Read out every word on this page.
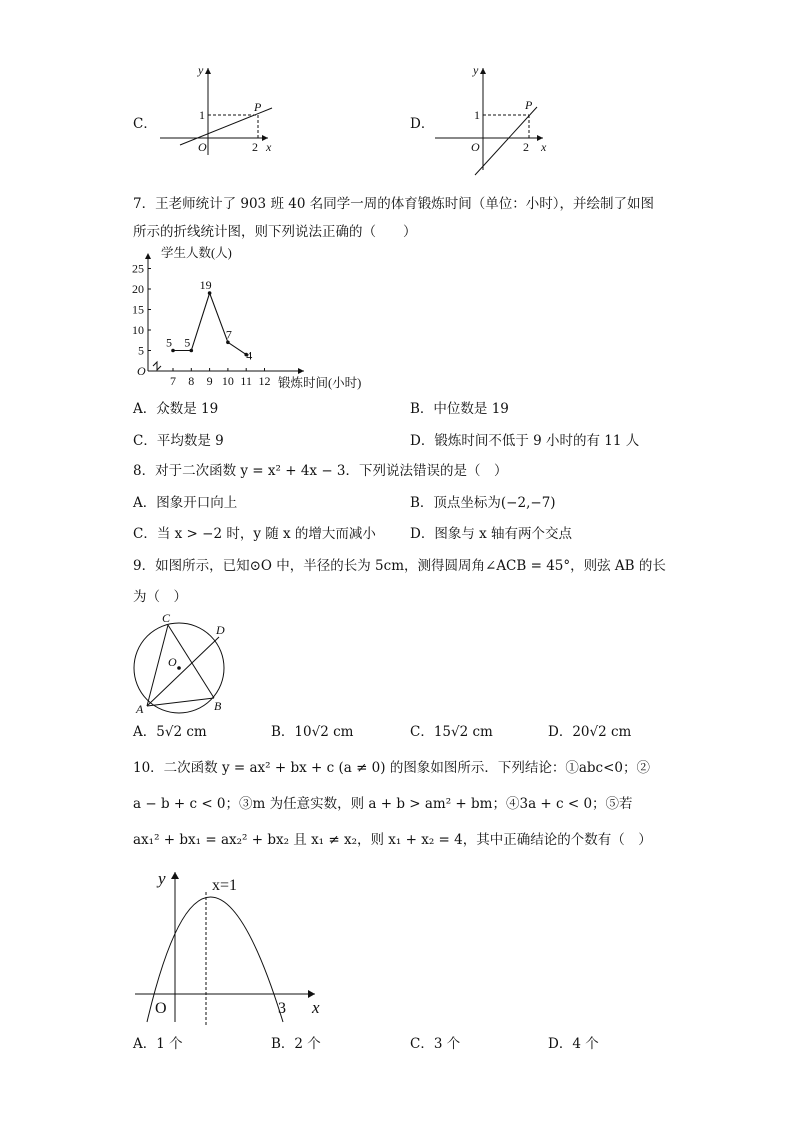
C．
y
x
O
1
2
P
D．
y
x
O
1
2
P
7．王老师统计了 903 班 40 名同学一周的体育锻炼时间（单位：小时），并绘制了如图
所示的折线统计图，则下列说法正确的（　　）
5
10
15
20
25
7 8 9 10 11 12
O
学生人数(人)
锻炼时间(小时)
5 5
19
7
4
A．众数是 19	B．中位数是 19
C．平均数是 9	D．锻炼时间不低于 9 小时的有 11 人
8．对于二次函数 y = x² + 4x − 3．下列说法错误的是（　）
A．图象开口向上	B．顶点坐标为(−2,−7)
C．当 x > −2 时，y 随 x 的增大而减小	D．图象与 x 轴有两个交点
9．如图所示，已知⊙O 中，半径的长为 5cm，测得圆周角∠ACB = 45°，则弦 AB 的长
为（　）
C
D
O
A	B
A．5√2 cm	B．10√2 cm	C．15√2 cm	D．20√2 cm
10．二次函数 y = ax² + bx + c (a ≠ 0) 的图象如图所示．下列结论：①abc<0；②
a − b + c < 0；③m 为任意实数，则 a + b > am² + bm；④3a + c < 0；⑤若
ax₁² + bx₁ = ax₂² + bx₂ 且 x₁ ≠ x₂，则 x₁ + x₂ = 4，其中正确结论的个数有（　）
y	x=1
O	3 x
A．1 个	B．2 个	C．3 个	D．4 个
